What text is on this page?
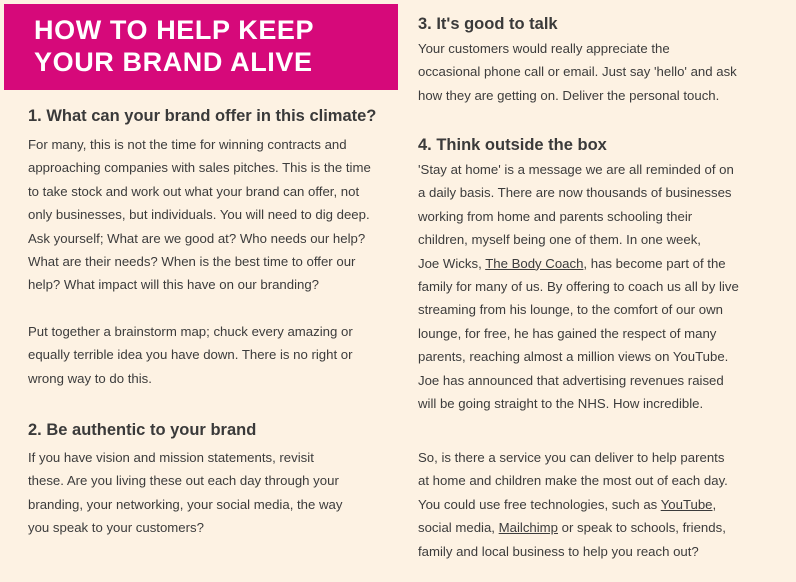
HOW TO HELP KEEP
YOUR BRAND ALIVE
1. What can your brand offer in this climate?
For many, this is not the time for winning contracts and
approaching companies with sales pitches. This is the time
to take stock and work out what your brand can offer, not
only businesses, but individuals. You will need to dig deep.
Ask yourself; What are we good at? Who needs our help?
What are their needs? When is the best time to offer our
help? What impact will this have on our branding?
Put together a brainstorm map; chuck every amazing or
equally terrible idea you have down. There is no right or
wrong way to do this.
2. Be authentic to your brand
If you have vision and mission statements, revisit
these. Are you living these out each day through your
branding, your networking, your social media, the way
you speak to your customers?
3. It's good to talk
Your customers would really appreciate the
occasional phone call or email. Just say 'hello' and ask
how they are getting on. Deliver the personal touch.
4. Think outside the box
'Stay at home' is a message we are all reminded of on
a daily basis. There are now thousands of businesses
working from home and parents schooling their
children, myself being one of them. In one week,
Joe Wicks, The Body Coach, has become part of the
family for many of us. By offering to coach us all by live
streaming from his lounge, to the comfort of our own
lounge, for free, he has gained the respect of many
parents, reaching almost a million views on YouTube.
Joe has announced that advertising revenues raised
will be going straight to the NHS. How incredible.
So, is there a service you can deliver to help parents
at home and children make the most out of each day.
You could use free technologies, such as YouTube,
social media, Mailchimp or speak to schools, friends,
family and local business to help you reach out?
